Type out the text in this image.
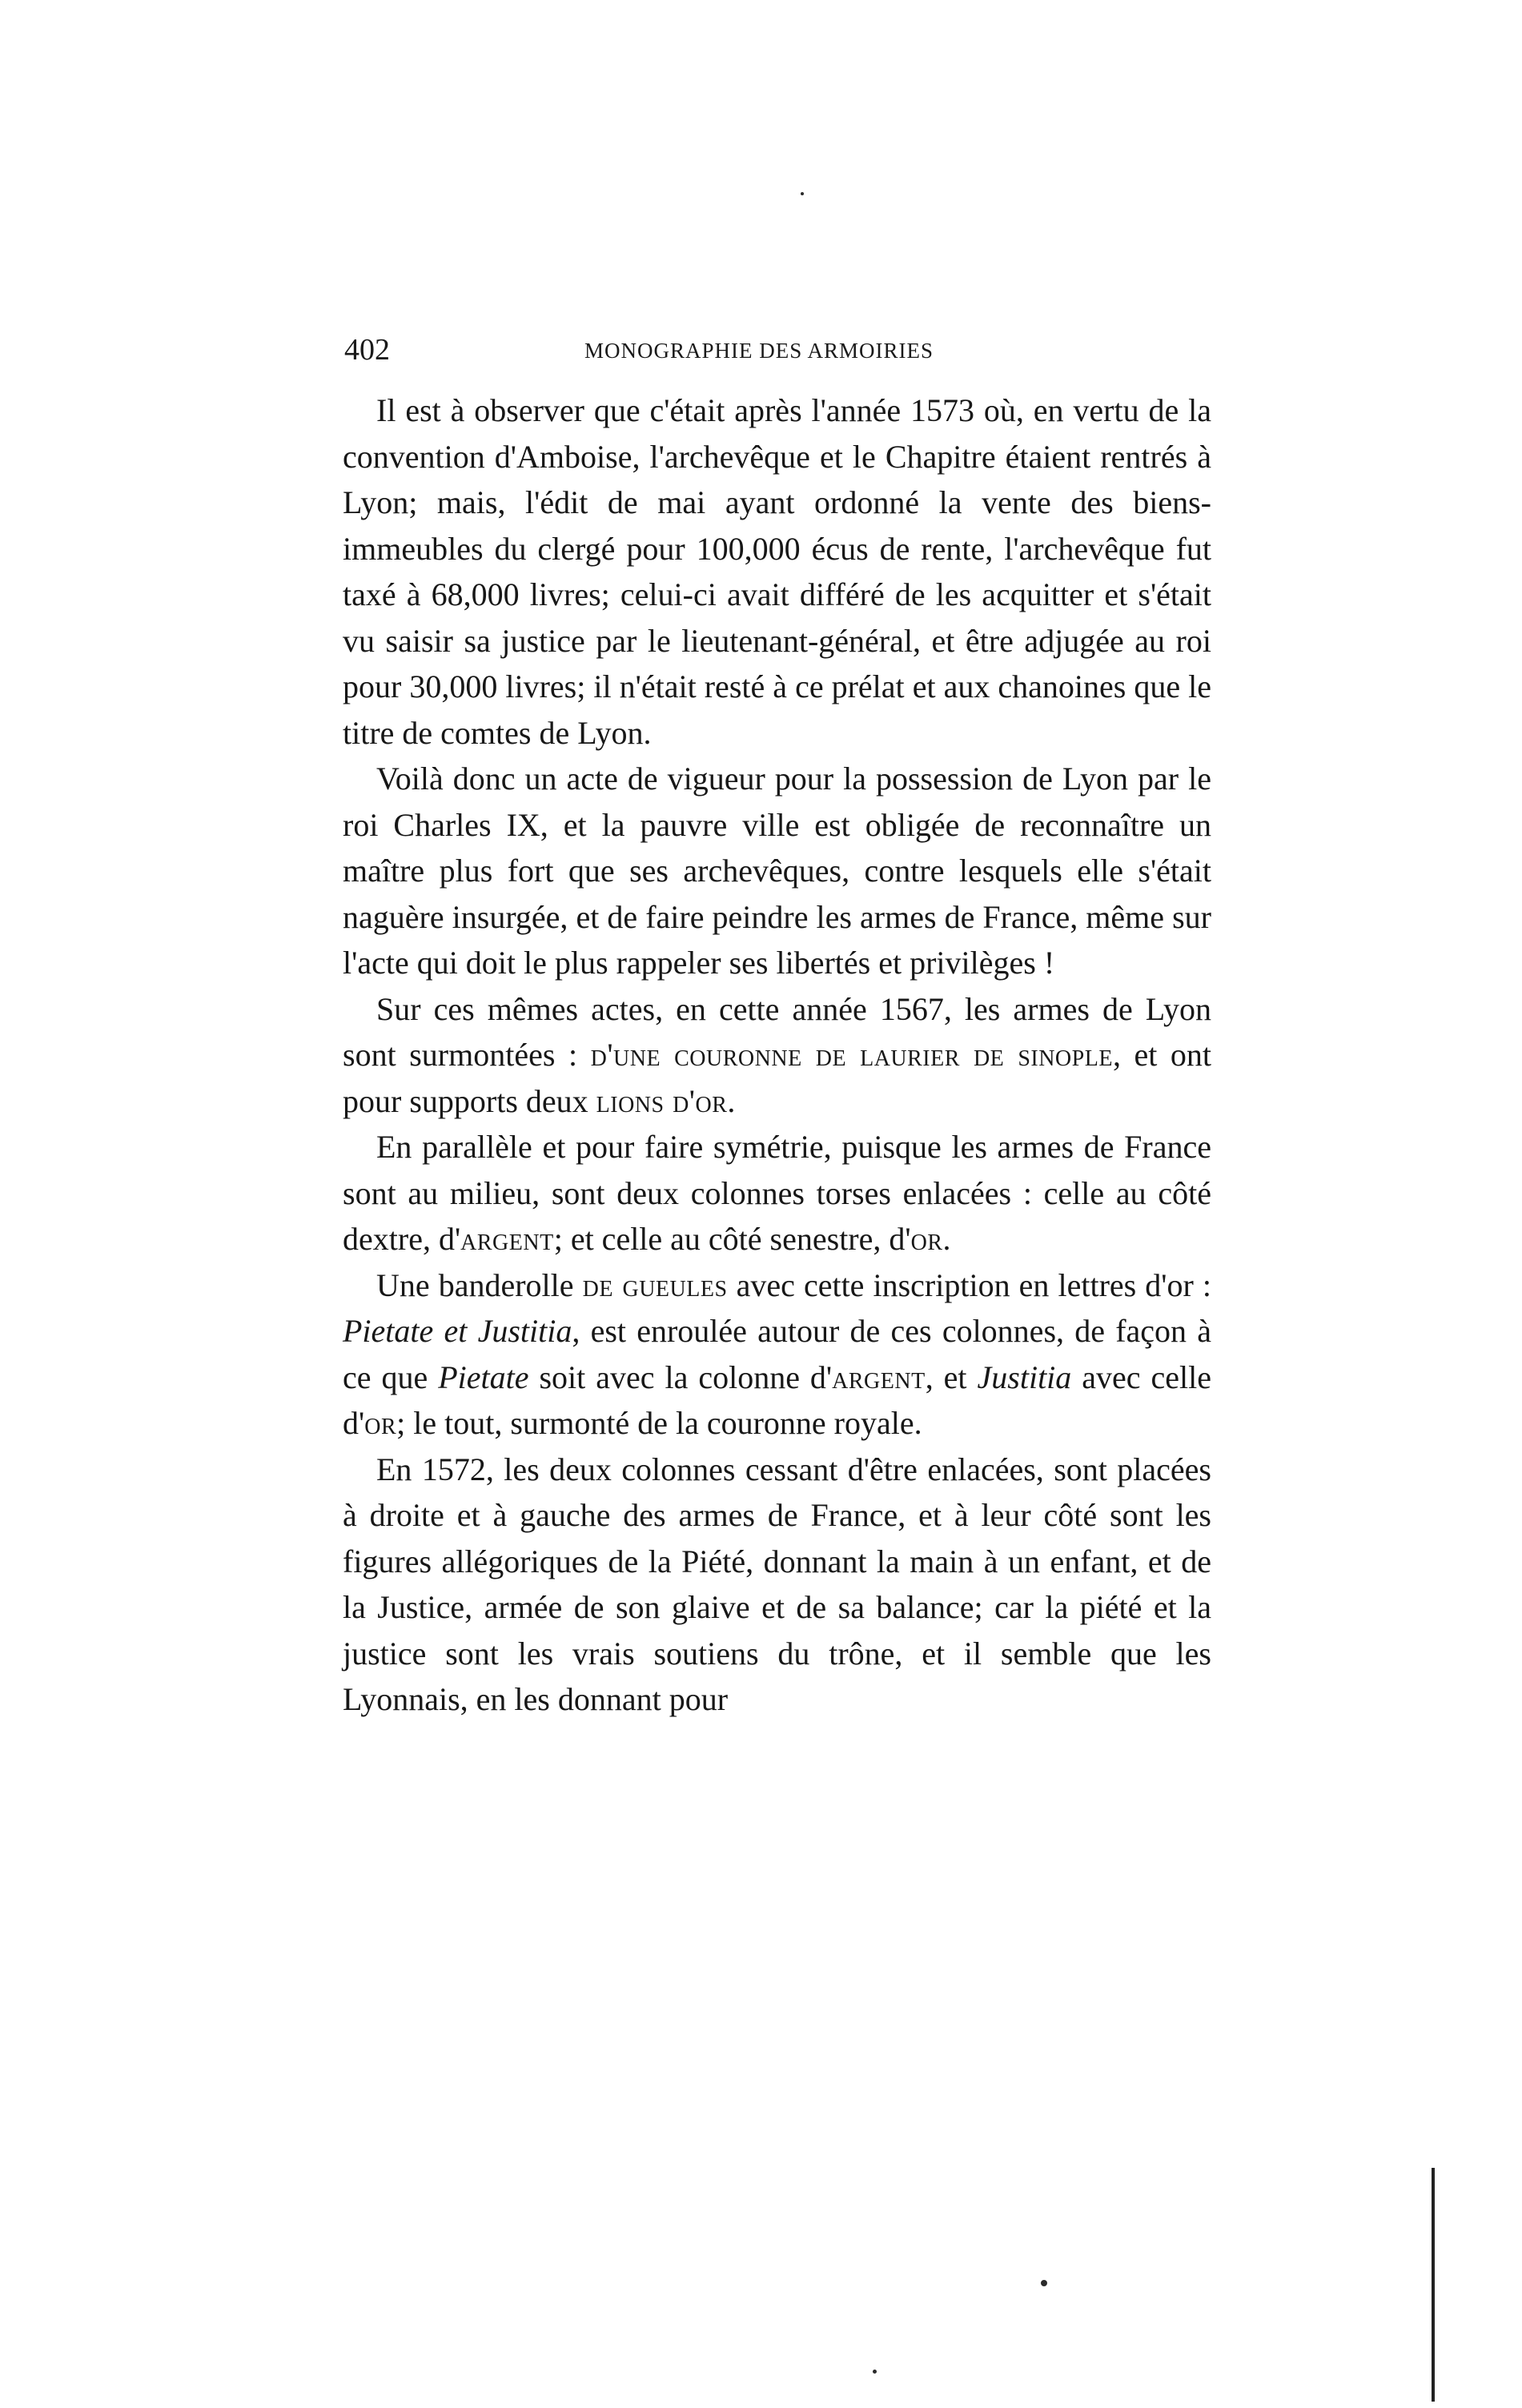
402	MONOGRAPHIE DES ARMOIRIES

Il est à observer que c'était après l'année 1573 où, en vertu de la convention d'Amboise, l'archevêque et le Chapitre étaient rentrés à Lyon; mais, l'édit de mai ayant ordonné la vente des biens-immeubles du clergé pour 100,000 écus de rente, l'archevêque fut taxé à 68,000 livres; celui-ci avait différé de les acquitter et s'était vu saisir sa justice par le lieutenant-général, et être adjugée au roi pour 30,000 livres; il n'était resté à ce prélat et aux chanoines que le titre de comtes de Lyon.

Voilà donc un acte de vigueur pour la possession de Lyon par le roi Charles IX, et la pauvre ville est obligée de reconnaître un maître plus fort que ses archevêques, contre lesquels elle s'était naguère insurgée, et de faire peindre les armes de France, même sur l'acte qui doit le plus rappeler ses libertés et privilèges !

Sur ces mêmes actes, en cette année 1567, les armes de Lyon sont surmontées : d'une couronne de laurier de sinople, et ont pour supports deux lions d'or.

En parallèle et pour faire symétrie, puisque les armes de France sont au milieu, sont deux colonnes torses enlacées : celle au côté dextre, d'argent; et celle au côté senestre, d'or.

Une banderolle de gueules avec cette inscription en lettres d'or : Pietate et Justitia, est enroulée autour de ces colonnes, de façon à ce que Pietate soit avec la colonne d'argent, et Justitia avec celle d'or; le tout, surmonté de la couronne royale.

En 1572, les deux colonnes cessant d'être enlacées, sont placées à droite et à gauche des armes de France, et à leur côté sont les figures allégoriques de la Piété, donnant la main à un enfant, et de la Justice, armée de son glaive et de sa balance; car la piété et la justice sont les vrais soutiens du trône, et il semble que les Lyonnais, en les donnant pour
